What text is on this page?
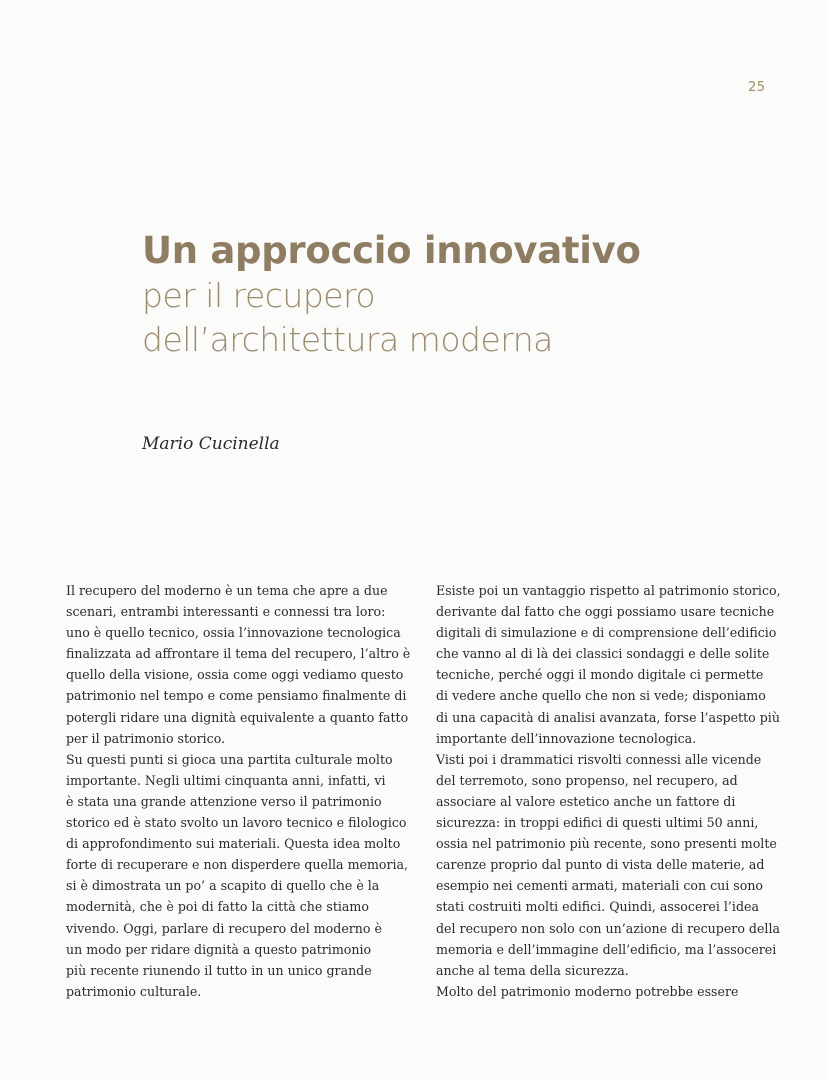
25
Un approccio innovativo

per il recupero

dell’architettura moderna

Mario Cucinella
Il recupero del moderno è un tema che apre a due
scenari, entrambi interessanti e connessi tra loro:
uno è quello tecnico, ossia l’innovazione tecnologica
finalizzata ad affrontare il tema del recupero, l’altro è
quello della visione, ossia come oggi vediamo questo
patrimonio nel tempo e come pensiamo finalmente di
potergli ridare una dignità equivalente a quanto fatto
per il patrimonio storico.
Su questi punti si gioca una partita culturale molto
importante. Negli ultimi cinquanta anni, infatti, vi
è stata una grande attenzione verso il patrimonio
storico ed è stato svolto un lavoro tecnico e filologico
di approfondimento sui materiali. Questa idea molto
forte di recuperare e non disperdere quella memoria,
si è dimostrata un po’ a scapito di quello che è la
modernità, che è poi di fatto la città che stiamo
vivendo. Oggi, parlare di recupero del moderno è
un modo per ridare dignità a questo patrimonio
più recente riunendo il tutto in un unico grande
patrimonio culturale.
Esiste poi un vantaggio rispetto al patrimonio storico,
derivante dal fatto che oggi possiamo usare tecniche
digitali di simulazione e di comprensione dell’edificio
che vanno al di là dei classici sondaggi e delle solite
tecniche, perché oggi il mondo digitale ci permette
di vedere anche quello che non si vede; disponiamo
di una capacità di analisi avanzata, forse l’aspetto più
importante dell’innovazione tecnologica.
Visti poi i drammatici risvolti connessi alle vicende
del terremoto, sono propenso, nel recupero, ad
associare al valore estetico anche un fattore di
sicurezza: in troppi edifici di questi ultimi 50 anni,
ossia nel patrimonio più recente, sono presenti molte
carenze proprio dal punto di vista delle materie, ad
esempio nei cementi armati, materiali con cui sono
stati costruiti molti edifici. Quindi, assocerei l’idea
del recupero non solo con un’azione di recupero della
memoria e dell’immagine dell’edificio, ma l’assocerei
anche al tema della sicurezza.
Molto del patrimonio moderno potrebbe essere
